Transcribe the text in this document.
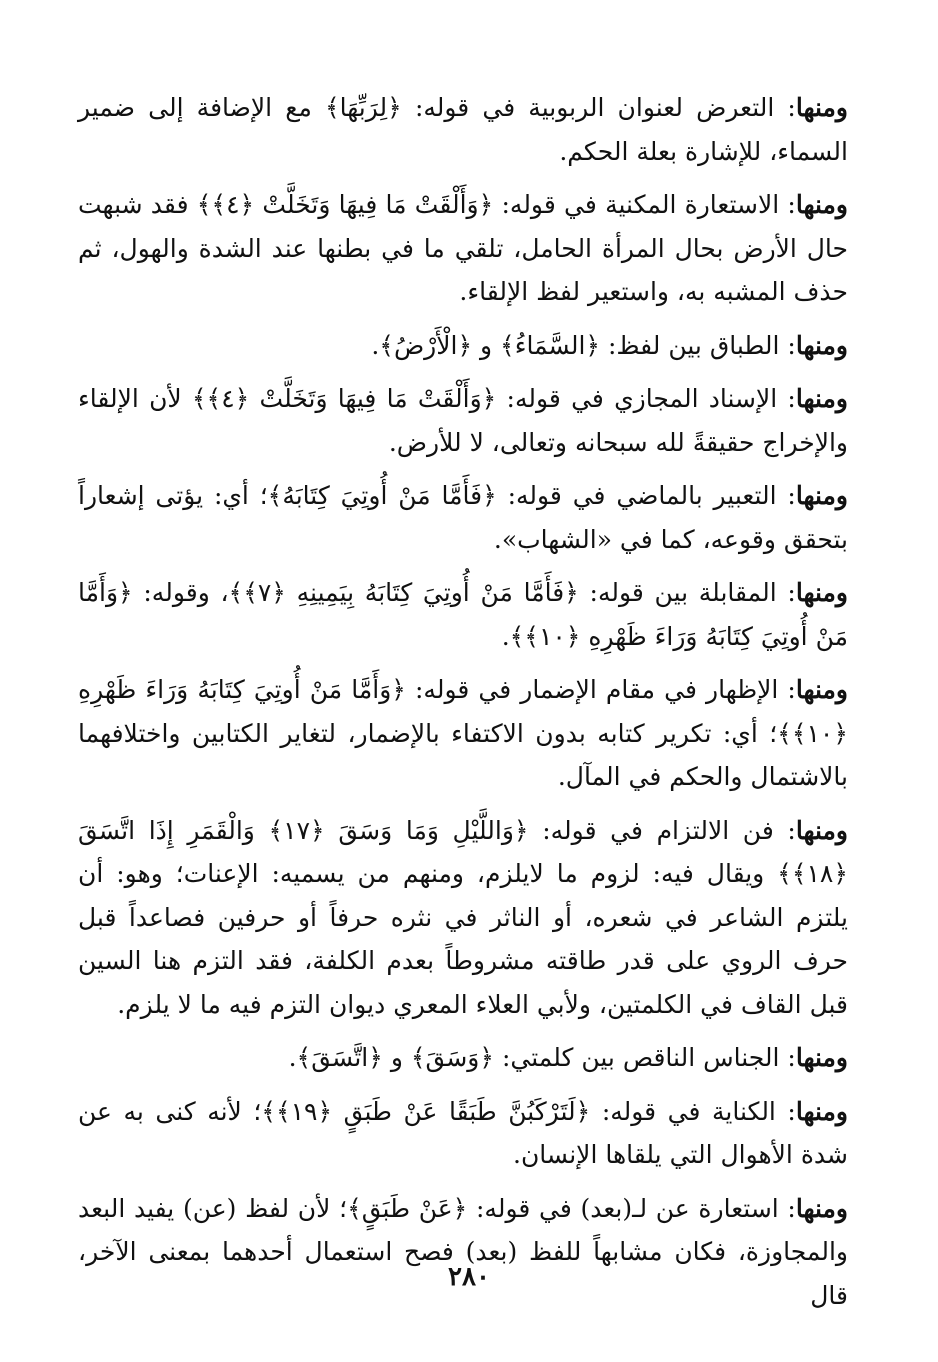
ومنها: التعرض لعنوان الربوبية في قوله: ﴿لِرَبِّهَا﴾ مع الإضافة إلى ضمير السماء، للإشارة بعلة الحكم.

ومنها: الاستعارة المكنية في قوله: ﴿وَأَلْقَتْ مَا فِيهَا وَتَخَلَّتْ ﴿٤﴾﴾ فقد شبهت حال الأرض بحال المرأة الحامل، تلقي ما في بطنها عند الشدة والهول، ثم حذف المشبه به، واستعير لفظ الإلقاء.

ومنها: الطباق بين لفظ: ﴿السَّمَاءُ﴾ و ﴿الْأَرْضُ﴾.

ومنها: الإسناد المجازي في قوله: ﴿وَأَلْقَتْ مَا فِيهَا وَتَخَلَّتْ ﴿٤﴾﴾ لأن الإلقاء والإخراج حقيقةً لله سبحانه وتعالى، لا للأرض.

ومنها: التعبير بالماضي في قوله: ﴿فَأَمَّا مَنْ أُوتِيَ كِتَابَهُ﴾؛ أي: يؤتى إشعاراً بتحقق وقوعه، كما في «الشهاب».

ومنها: المقابلة بين قوله: ﴿فَأَمَّا مَنْ أُوتِيَ كِتَابَهُ بِيَمِينِهِ ﴿٧﴾﴾، وقوله: ﴿وَأَمَّا مَنْ أُوتِيَ كِتَابَهُ وَرَاءَ ظَهْرِهِ ﴿١٠﴾﴾.

ومنها: الإظهار في مقام الإضمار في قوله: ﴿وَأَمَّا مَنْ أُوتِيَ كِتَابَهُ وَرَاءَ ظَهْرِهِ ﴿١٠﴾﴾؛ أي: تكرير كتابه بدون الاكتفاء بالإضمار، لتغاير الكتابين واختلافهما بالاشتمال والحكم في المآل.

ومنها: فن الالتزام في قوله: ﴿وَاللَّيْلِ وَمَا وَسَقَ ﴿١٧﴾ وَالْقَمَرِ إِذَا اتَّسَقَ ﴿١٨﴾﴾ ويقال فيه: لزوم ما لايلزم، ومنهم من يسميه: الإعنات؛ وهو: أن يلتزم الشاعر في شعره، أو الناثر في نثره حرفاً أو حرفين فصاعداً قبل حرف الروي على قدر طاقته مشروطاً بعدم الكلفة، فقد التزم هنا السين قبل القاف في الكلمتين، ولأبي العلاء المعري ديوان التزم فيه ما لا يلزم.

ومنها: الجناس الناقص بين كلمتي: ﴿وَسَقَ﴾ و ﴿اتَّسَقَ﴾.

ومنها: الكناية في قوله: ﴿لَتَرْكَبُنَّ طَبَقًا عَنْ طَبَقٍ ﴿١٩﴾﴾؛ لأنه كنى به عن شدة الأهوال التي يلقاها الإنسان.

ومنها: استعارة عن لـ(بعد) في قوله: ﴿عَنْ طَبَقٍ﴾؛ لأن لفظ (عن) يفيد البعد والمجاوزة، فكان مشابهاً للفظ (بعد) فصح استعمال أحدهما بمعنى الآخر، قال

٢٨٠
